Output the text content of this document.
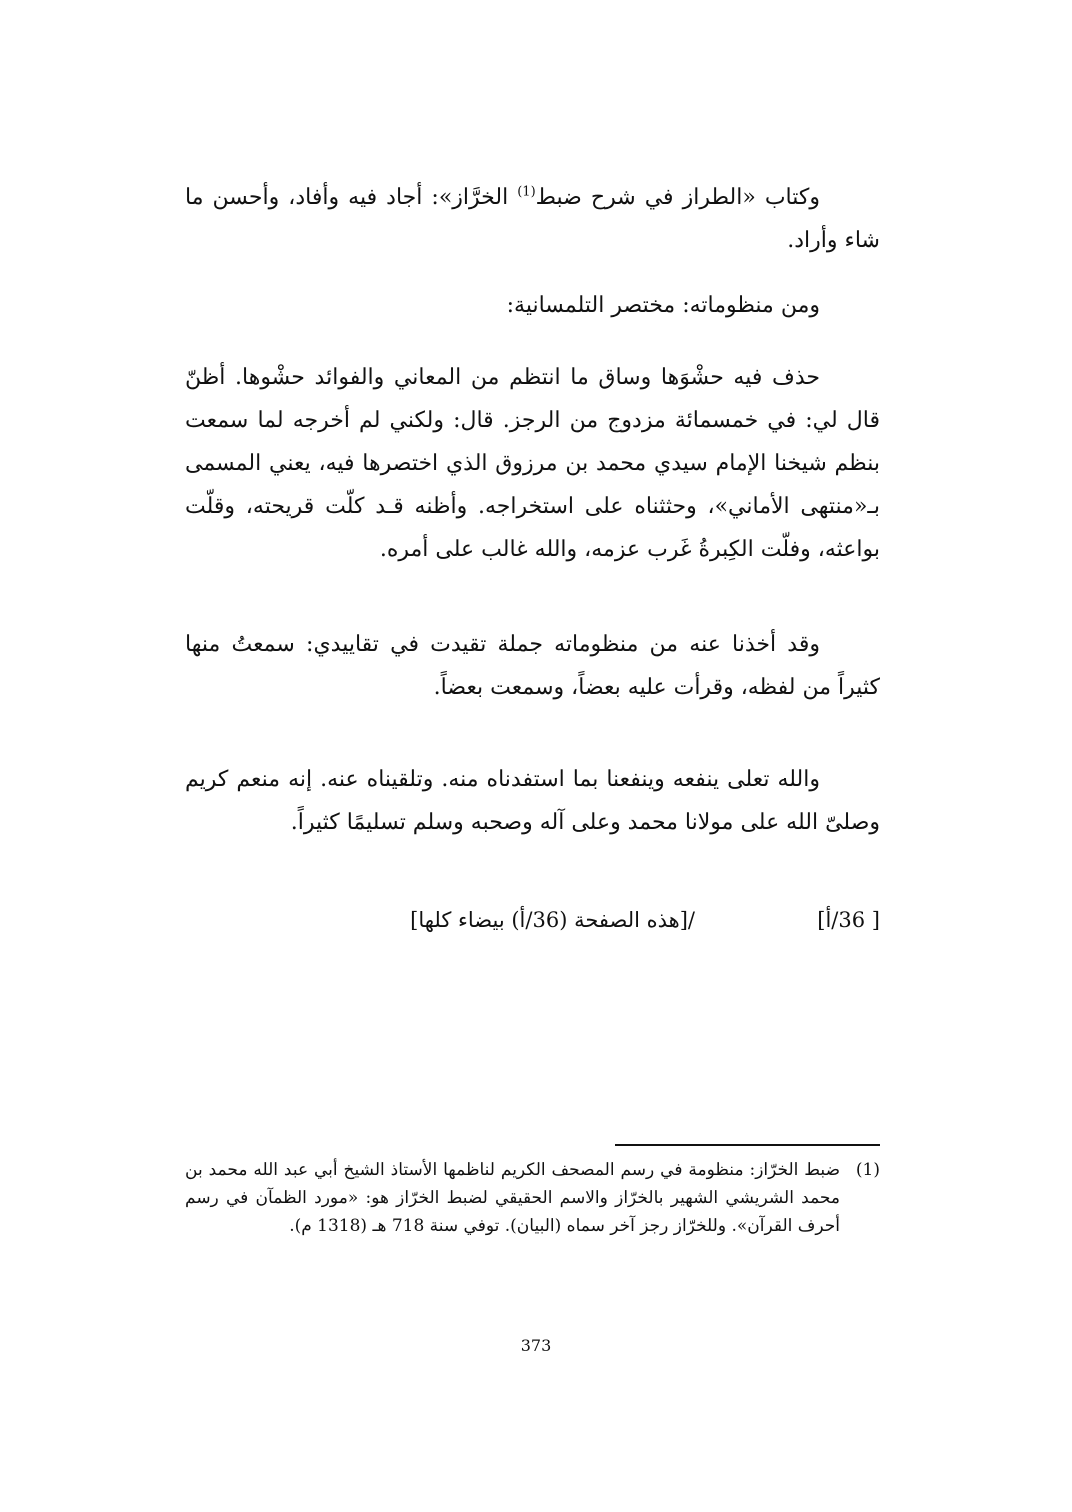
وكتاب «الطراز في شرح ضبط$^{(1)}$ الخرَّاز»: أجاد فيه وأفاد، وأحسن ما شاء وأراد.

ومن منظوماته: مختصر التلمسانية:

حذف فيه حشْوَها وساق ما انتظم من المعاني والفوائد حشْوها. أظنّ قال لي: في خمسمائة مزدوج من الرجز. قال: ولكني لم أخرجه لما سمعت بنظم شيخنا الإمام سيدي محمد بن مرزوق الذي اختصرها فيه، يعني المسمى بـ«منتهى الأماني»، وحثثناه على استخراجه. وأظنه قـد كلّت قريحته، وقلّت بواعثه، وفلّت الكِبرةُ غَرب عزمه، والله غالب على أمره.

وقد أخذنا عنه من منظوماته جملة تقيدت في تقاييدي: سمعتُ منها كثيراً من لفظه، وقرأت عليه بعضاً، وسمعت بعضاً.

والله تعلى ينفعه وينفعنا بما استفدناه منه. وتلقيناه عنه. إنه منعم كريم وصلىّ الله على مولانا محمد وعلى آله وصحبه وسلم تسليمًا كثيراً.

[ 36/أ]
/[هذه الصفحة (36/أ) بيضاء كلها]
(1)
ضبط الخرّاز: منظومة في رسم المصحف الكريم لناظمها الأستاذ الشيخ أبي عبد الله محمد بن محمد الشريشي الشهير بالخرّاز والاسم الحقيقي لضبط الخرّاز هو: «مورد الظمآن في رسم أحرف القرآن». وللخرّاز رجز آخر سماه (البيان). توفي سنة 718 هـ (1318 م).
373
